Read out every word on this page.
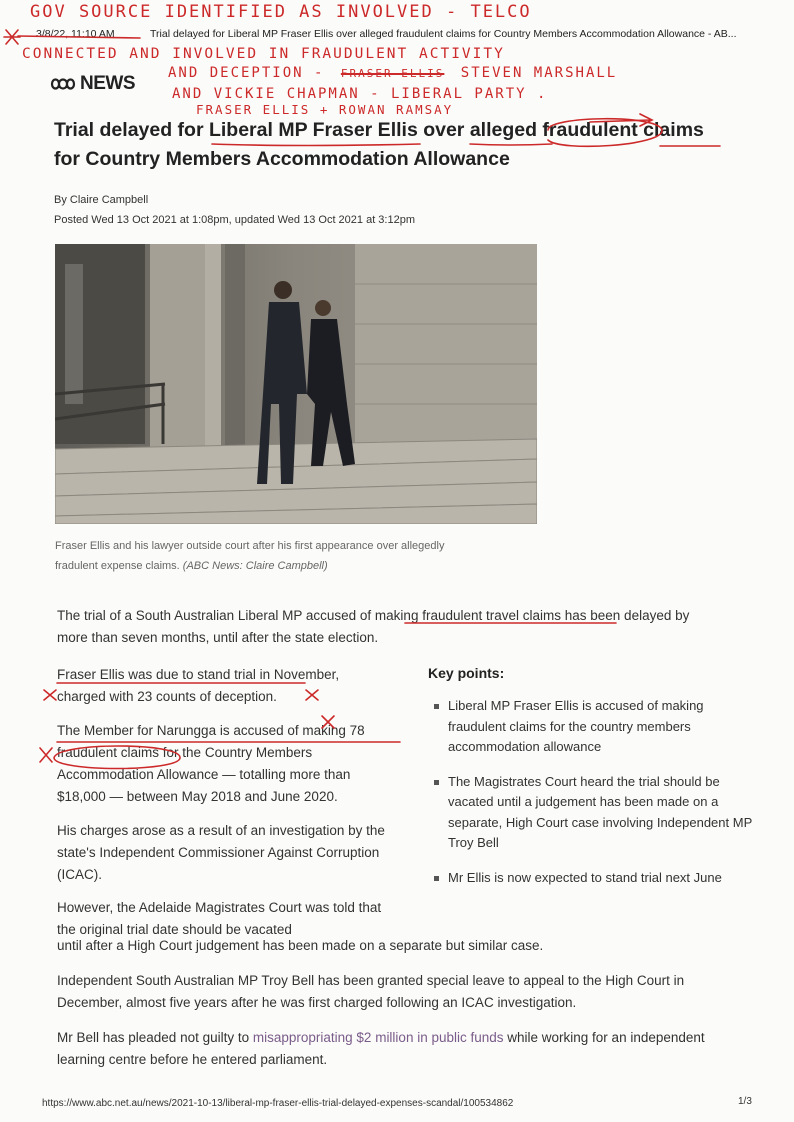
GOV SOURCE IDENTIFIED AS INVOLVED - TELCO
CONNECTED AND INVOLVED IN FRAUDULENT ACTIVITY
AND DECEPTION - FRASER ELLIS STEVEN MARSHALL
AND VICKIE CHAPMAN - LIBERAL PARTY .
FRASER ELLIS + ROWAN RAMSAY
3/8/22, 11:10 AM	Trial delayed for Liberal MP Fraser Ellis over alleged fraudulent claims for Country Members Accommodation Allowance - AB...
NEWS
Trial delayed for Liberal MP Fraser Ellis over alleged fraudulent claims for Country Members Accommodation Allowance
By Claire Campbell
Posted Wed 13 Oct 2021 at 1:08pm, updated Wed 13 Oct 2021 at 3:12pm
Fraser Ellis and his lawyer outside court after his first appearance over allegedly fradulent expense claims. (ABC News: Claire Campbell)

The trial of a South Australian Liberal MP accused of making fraudulent travel claims has been delayed by more than seven months, until after the state election.

Fraser Ellis was due to stand trial in November, charged with 23 counts of deception.

The Member for Narungga is accused of making 78 fraudulent claims for the Country Members Accommodation Allowance — totalling more than $18,000 — between May 2018 and June 2020.

His charges arose as a result of an investigation by the state's Independent Commissioner Against Corruption (ICAC).

However, the Adelaide Magistrates Court was told that the original trial date should be vacated

until after a High Court judgement has been made on a separate but similar case.

Independent South Australian MP Troy Bell has been granted special leave to appeal to the High Court in December, almost five years after he was first charged following an ICAC investigation.

Mr Bell has pleaded not guilty to misappropriating $2 million in public funds while working for an independent learning centre before he entered parliament.

Key points:
Liberal MP Fraser Ellis is accused of making fraudulent claims for the country members accommodation allowance
The Magistrates Court heard the trial should be vacated until a judgement has been made on a separate, High Court case involving Independent MP Troy Bell
Mr Ellis is now expected to stand trial next June
https://www.abc.net.au/news/2021-10-13/liberal-mp-fraser-ellis-trial-delayed-expenses-scandal/100534862	1/3
